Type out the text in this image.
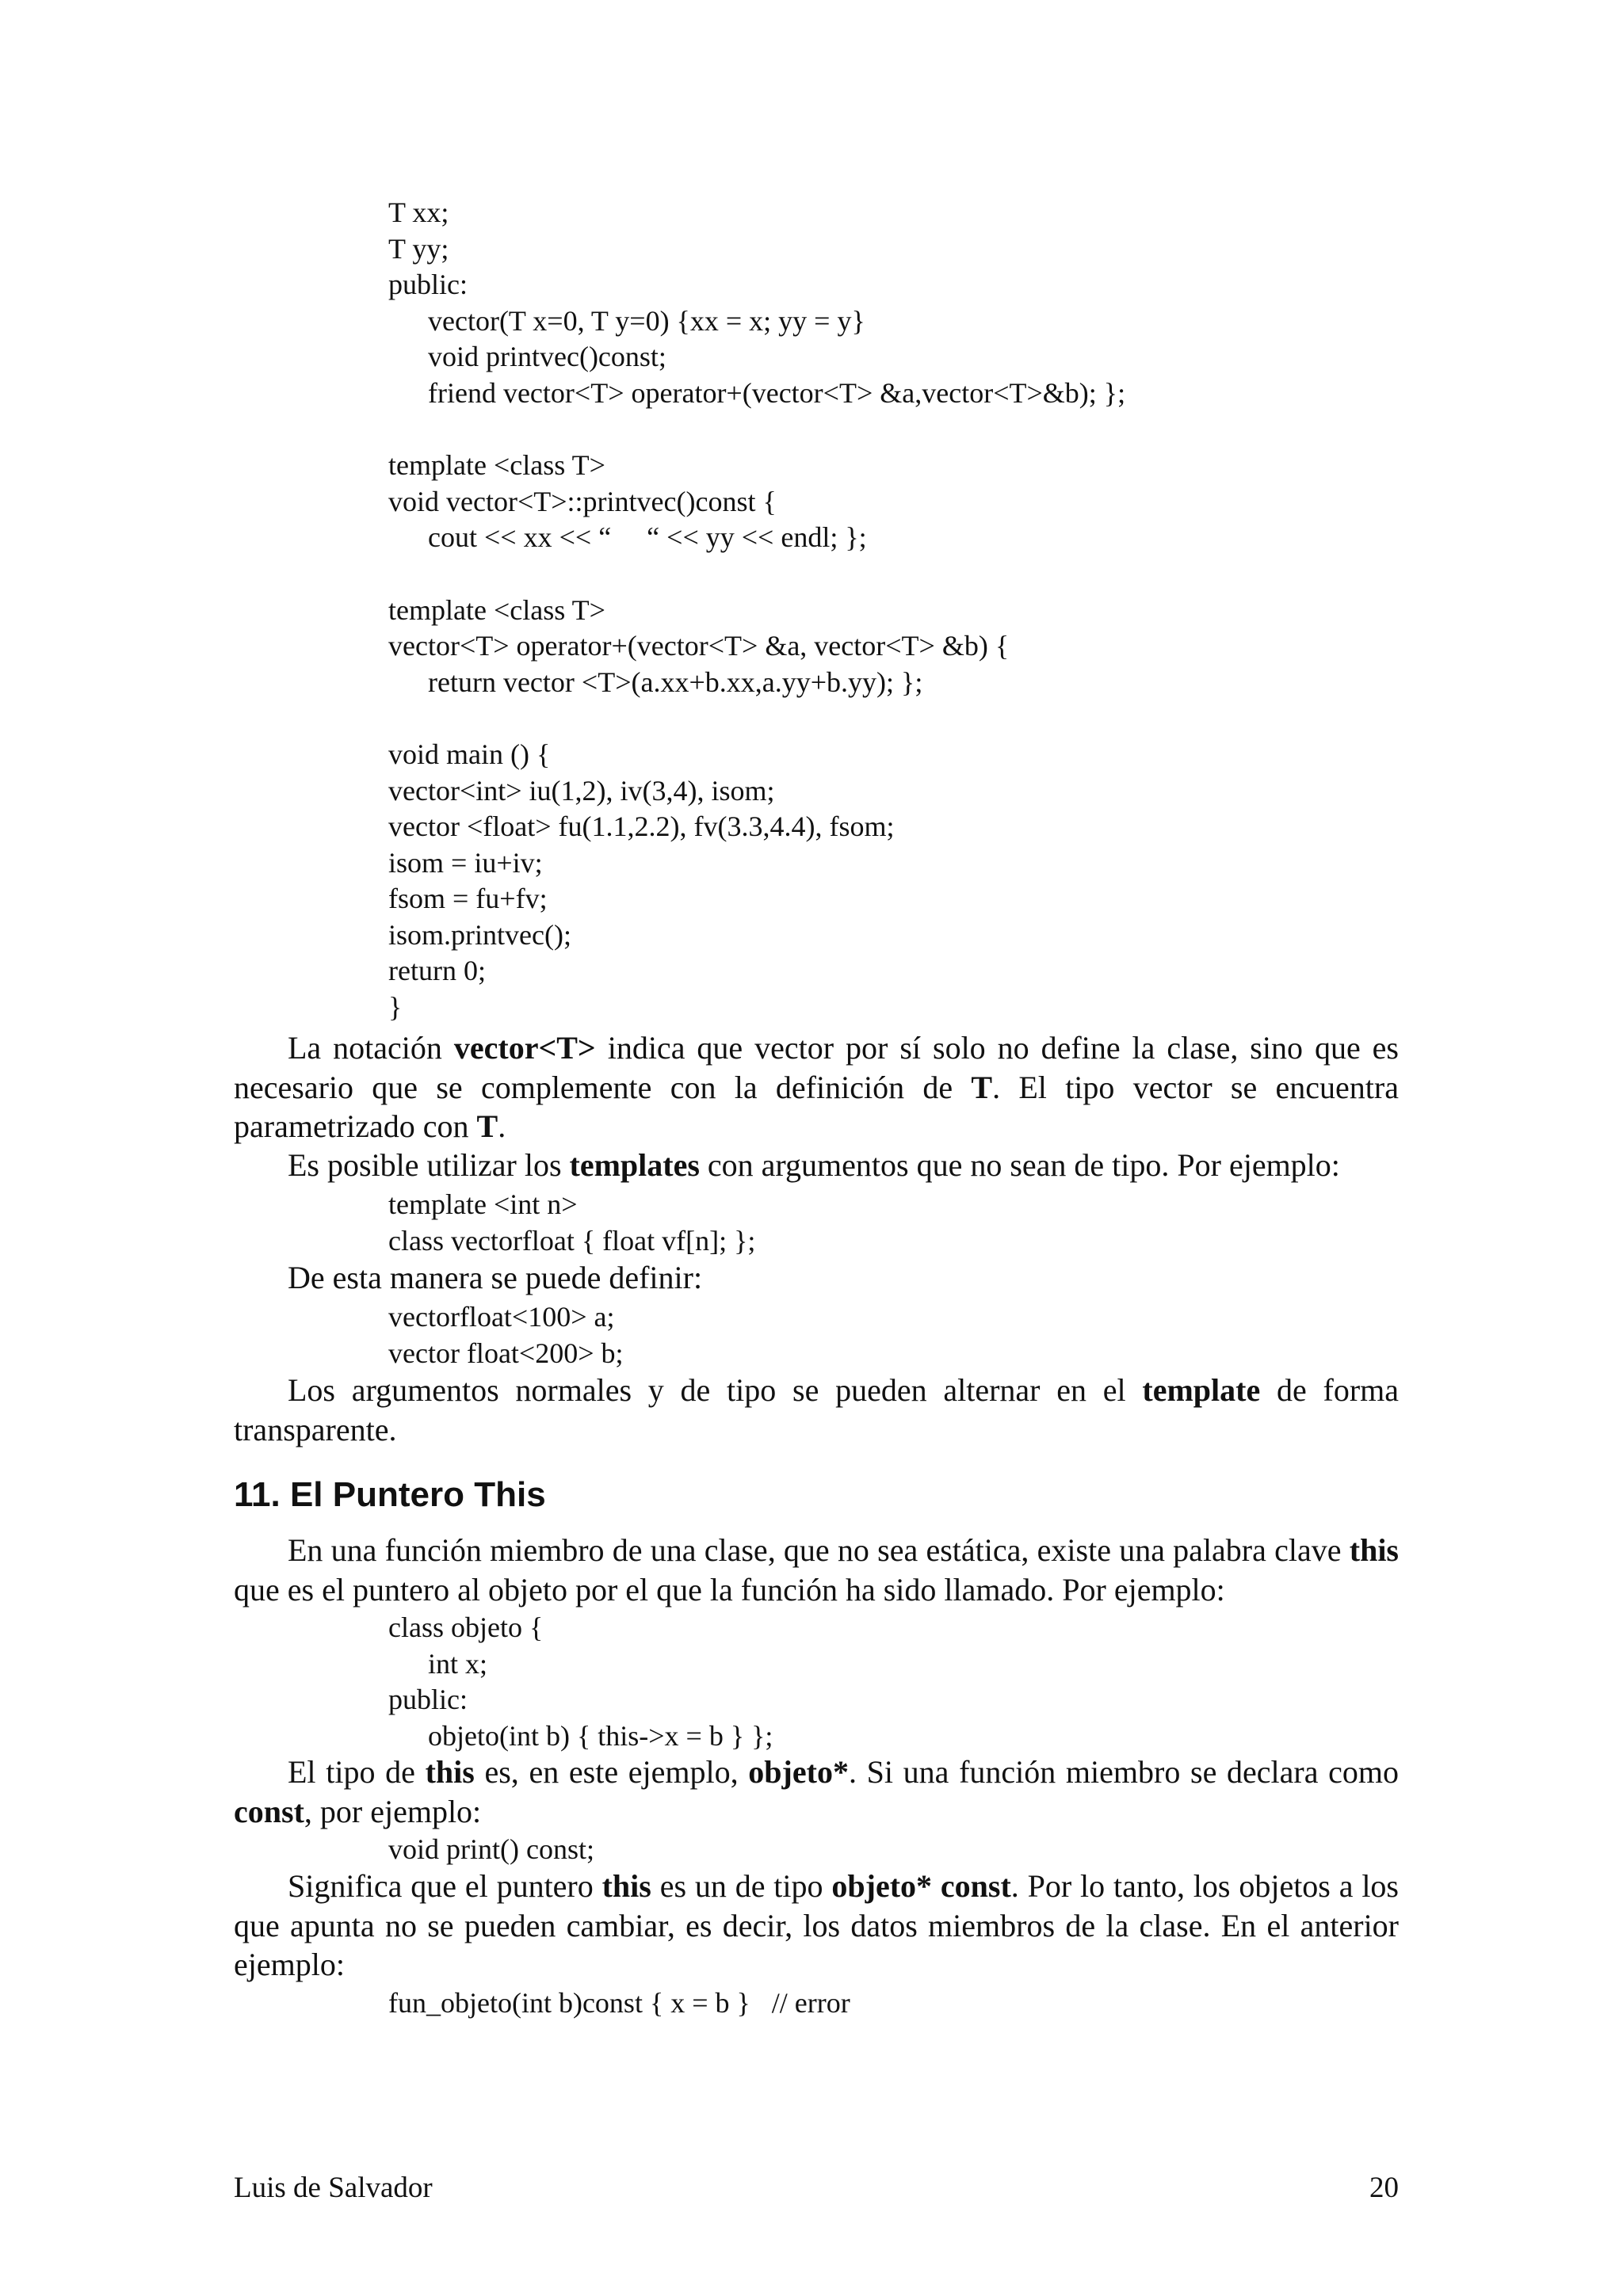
T xx;
T yy;
public:
vector(T x=0, T y=0) {xx = x; yy = y}
void printvec()const;
friend vector<T> operator+(vector<T> &a,vector<T>&b); };
template <class T>
void vector<T>::printvec()const {
cout << xx << “     “ << yy << endl; };
template <class T>
vector<T> operator+(vector<T> &a, vector<T> &b) {
return vector <T>(a.xx+b.xx,a.yy+b.yy); };
void main () {
vector<int> iu(1,2), iv(3,4), isom;
vector <float> fu(1.1,2.2), fv(3.3,4.4), fsom;
isom = iu+iv;
fsom = fu+fv;
isom.printvec();
return 0;
}

La notación vector<T> indica que vector por sí solo no define la clase, sino que es necesario que se complemente con la definición de T. El tipo vector se encuentra parametrizado con T.

Es posible utilizar los templates con argumentos que no sean de tipo. Por ejemplo:

template <int n>
class vectorfloat { float vf[n]; };

De esta manera se puede definir:

vectorfloat<100> a;
vector float<200> b;

Los argumentos normales y de tipo se pueden alternar en el template de forma transparente.

11. El Puntero This

En una función miembro de una clase, que no sea estática, existe una palabra clave this que es el puntero al objeto por el que la función ha sido llamado. Por ejemplo:

class objeto {
int x;
public:
objeto(int b) { this->x = b } };

El tipo de this es, en este ejemplo, objeto*. Si una función miembro se declara como const, por ejemplo:

void print() const;

Significa que el puntero this es un de tipo objeto* const. Por lo tanto, los objetos a los que apunta no se pueden cambiar, es decir, los datos miembros de la clase. En el anterior ejemplo:

fun_objeto(int b)const { x = b }   // error
Luis de Salvador	20
